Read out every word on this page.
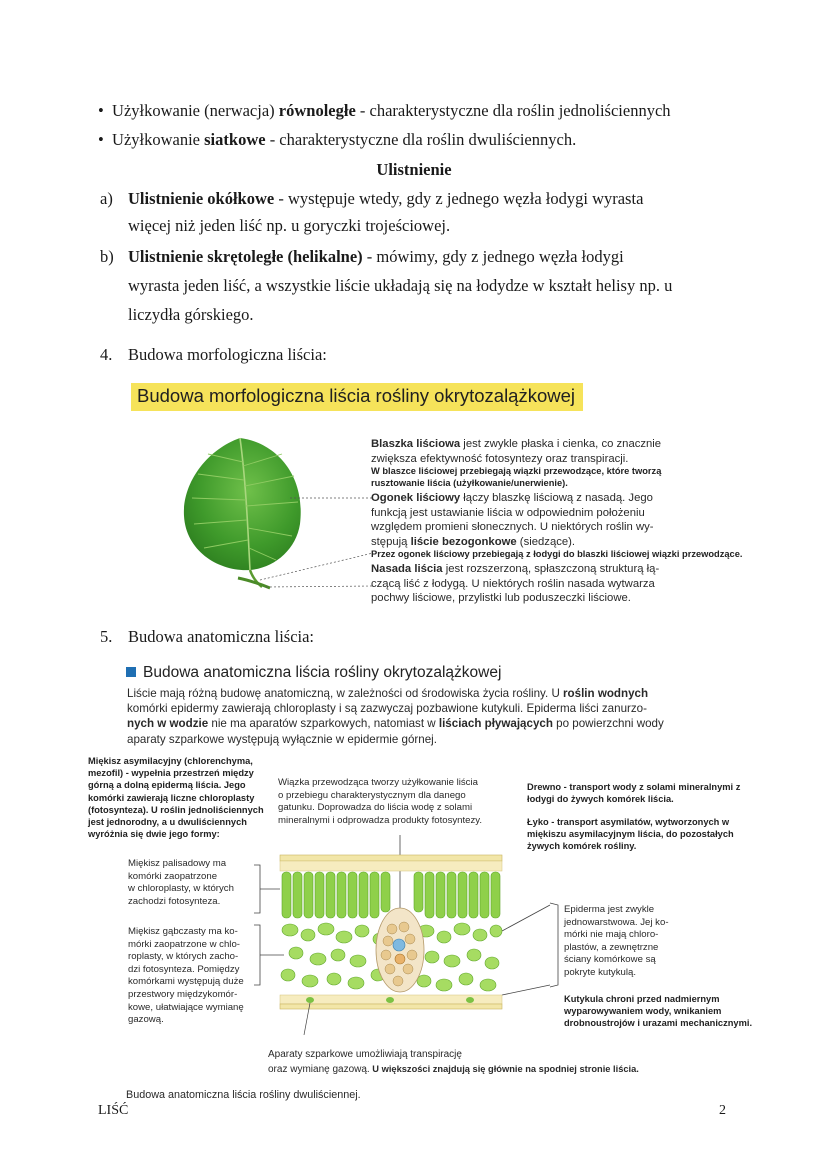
•  Użyłkowanie (nerwacja) równoległe - charakterystyczne dla roślin jednoliściennych
•  Użyłkowanie siatkowe - charakterystyczne dla roślin dwuliściennych.
Ulistnienie
a) Ulistnienie okółkowe - występuje wtedy, gdy z jednego węzła łodygi wyrasta
więcej niż jeden liść np. u goryczki trojeściowej.
b) Ulistnienie skrętoległe (helikalne) - mówimy, gdy z jednego węzła łodygi
wyrasta jeden liść, a wszystkie liście układają się na łodydze w kształt helisy np. u
liczydła górskiego.
4. Budowa morfologiczna liścia:
Budowa morfologiczna liścia rośliny okrytozalążkowej
Blaszka liściowa jest zwykle płaska i cienka, co znacznie
zwiększa efektywność fotosyntezy oraz transpiracji.
W blaszce liściowej przebiegają wiązki przewodzące, które tworzą
rusztowanie liścia (użyłkowanie/unerwienie).
Ogonek liściowy łączy blaszkę liściową z nasadą. Jego
funkcją jest ustawianie liścia w odpowiednim położeniu
względem promieni słonecznych. U niektórych roślin wy-
stępują liście bezogonkowe (siedzące).
Przez ogonek liściowy przebiegają z łodygi do blaszki liściowej wiązki przewodzące.
Nasada liścia jest rozszerzoną, spłaszczoną strukturą łą-
czącą liść z łodygą. U niektórych roślin nasada wytwarza
pochwy liściowe, przylistki lub poduszeczki liściowe.
5. Budowa anatomiczna liścia:
Budowa anatomiczna liścia rośliny okrytozalążkowej
Liście mają różną budowę anatomiczną, w zależności od środowiska życia rośliny. U roślin wodnych
komórki epidermy zawierają chloroplasty i są zazwyczaj pozbawione kutykuli. Epiderma liści zanurzo-
nych w wodzie nie ma aparatów szparkowych, natomiast w liściach pływających po powierzchni wody
aparaty szparkowe występują wyłącznie w epidermie górnej.
Miękisz asymilacyjny (chlorenchyma,
mezofil) - wypełnia przestrzeń między
górną a dolną epidermą liścia. Jego
komórki zawierają liczne chloroplasty
(fotosynteza). U roślin jednoliściennych
jest jednorodny, a u dwuliściennych
wyróżnia się dwie jego formy:
Miękisz palisadowy ma
komórki zaopatrzone
w chloroplasty, w których
zachodzi fotosynteza.
Miękisz gąbczasty ma ko-
mórki zaopatrzone w chlo-
roplasty, w których zacho-
dzi fotosynteza. Pomiędzy
komórkami występują duże
przestwory międzykomór-
kowe, ułatwiające wymianę
gazową.
Wiązka przewodząca tworzy użyłkowanie liścia
o przebiegu charakterystycznym dla danego
gatunku. Doprowadza do liścia wodę z solami
mineralnymi i odprowadza produkty fotosyntezy.
Drewno - transport wody z solami mineralnymi z
łodygi do żywych komórek liścia.
Łyko - transport asymilatów, wytworzonych w
miękiszu asymilacyjnym liścia, do pozostałych
żywych komórek rośliny.
Epiderma jest zwykle
jednowarstwowa. Jej ko-
mórki nie mają chloro-
plastów, a zewnętrzne
ściany komórkowe są
pokryte kutykulą.
Kutykula chroni przed nadmiernym
wyparowywaniem wody, wnikaniem
drobnoustrojów i urazami mechanicznymi.
Aparaty szparkowe umożliwiają transpirację
oraz wymianę gazową. U większości znajdują się głównie na spodniej stronie liścia.
Budowa anatomiczna liścia rośliny dwuliściennej.
LIŚĆ	2
